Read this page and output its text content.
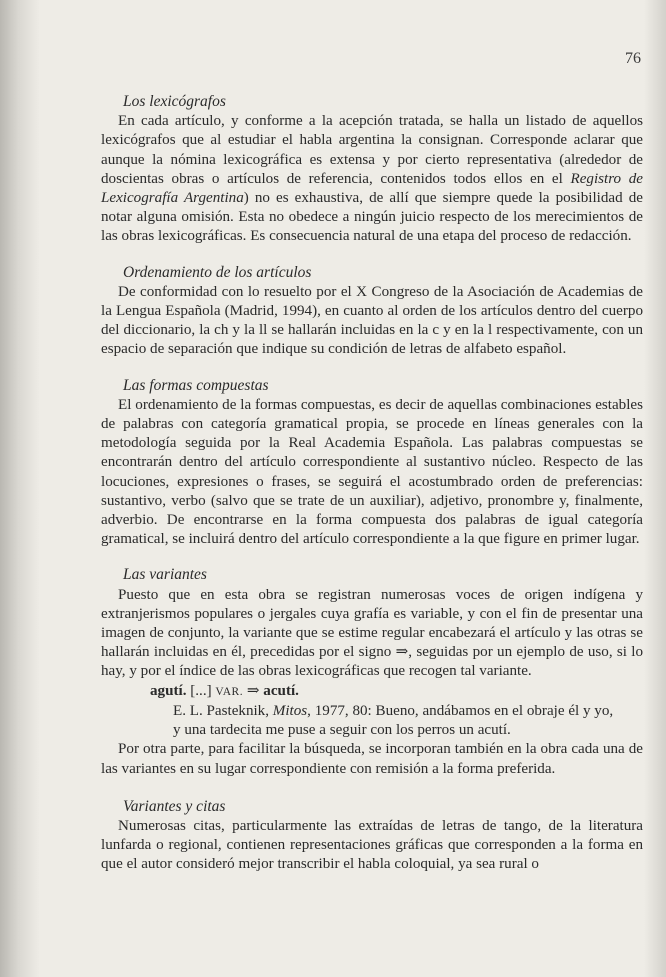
76
Los lexicógrafos

En cada artículo, y conforme a la acepción tratada, se halla un listado de aquellos lexicógrafos que al estudiar el habla argentina la consignan. Corresponde aclarar que aunque la nómina lexicográfica es extensa y por cierto representativa (alrededor de doscientas obras o artículos de referencia, contenidos todos ellos en el Registro de Lexicografía Argentina) no es exhaustiva, de allí que siempre quede la posibilidad de notar alguna omisión. Esta no obedece a ningún juicio respecto de los merecimientos de las obras lexicográficas. Es consecuencia natural de una etapa del proceso de redacción.

Ordenamiento de los artículos

De conformidad con lo resuelto por el X Congreso de la Asociación de Academias de la Lengua Española (Madrid, 1994), en cuanto al orden de los artículos dentro del cuerpo del diccionario, la ch y la ll se hallarán incluidas en la c y en la l respectivamente, con un espacio de separación que indique su condición de letras de alfabeto español.

Las formas compuestas

El ordenamiento de la formas compuestas, es decir de aquellas combinaciones estables de palabras con categoría gramatical propia, se procede en líneas generales con la metodología seguida por la Real Academia Española. Las palabras compuestas se encontrarán dentro del artículo correspondiente al sustantivo núcleo. Respecto de las locuciones, expresiones o frases, se seguirá el acostumbrado orden de preferencias: sustantivo, verbo (salvo que se trate de un auxiliar), adjetivo, pronombre y, finalmente, adverbio. De encontrarse en la forma compuesta dos palabras de igual categoría gramatical, se incluirá dentro del artículo correspondiente a la que figure en primer lugar.

Las variantes

Puesto que en esta obra se registran numerosas voces de origen indígena y extranjerismos populares o jergales cuya grafía es variable, y con el fin de presentar una imagen de conjunto, la variante que se estime regular encabezará el artículo y las otras se hallarán incluidas en él, precedidas por el signo ⇒, seguidas por un ejemplo de uso, si lo hay, y por el índice de las obras lexicográficas que recogen tal variante.

agutí. [...] VAR. ⇒ acutí.

E. L. Pasteknik, Mitos, 1977, 80: Bueno, andábamos en el obraje él y yo,
y una tardecita me puse a seguir con los perros un acutí.

Por otra parte, para facilitar la búsqueda, se incorporan también en la obra cada una de las variantes en su lugar correspondiente con remisión a la forma preferida.

Variantes y citas

Numerosas citas, particularmente las extraídas de letras de tango, de la literatura lunfarda o regional, contienen representaciones gráficas que corresponden a la forma en que el autor consideró mejor transcribir el habla coloquial, ya sea rural o
